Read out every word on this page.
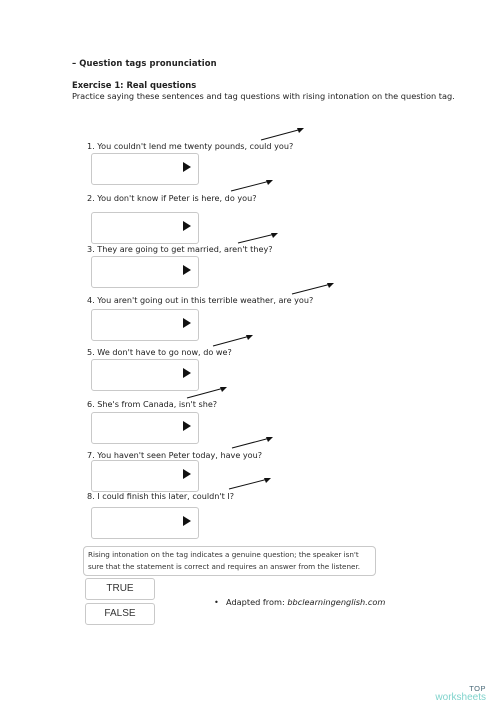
– Question tags pronunciation
Exercise 1: Real questions
Practice saying these sentences and tag questions with rising intonation on the question tag.
1. You couldn't lend me twenty pounds, could you?
2. You don't know if Peter is here, do you?
3. They are going to get married, aren't they?
4. You aren't going out in this terrible weather, are you?
5. We don't have to go now, do we?
6. She's from Canada, isn't she?
7. You haven't seen Peter today, have you?
8. I could finish this later, couldn't I?
Rising intonation on the tag indicates a genuine question; the speaker isn't sure that the statement is correct and requires an answer from the listener.
TRUE
FALSE
• Adapted from: bbclearningenglish.com
TOP
worksheets
